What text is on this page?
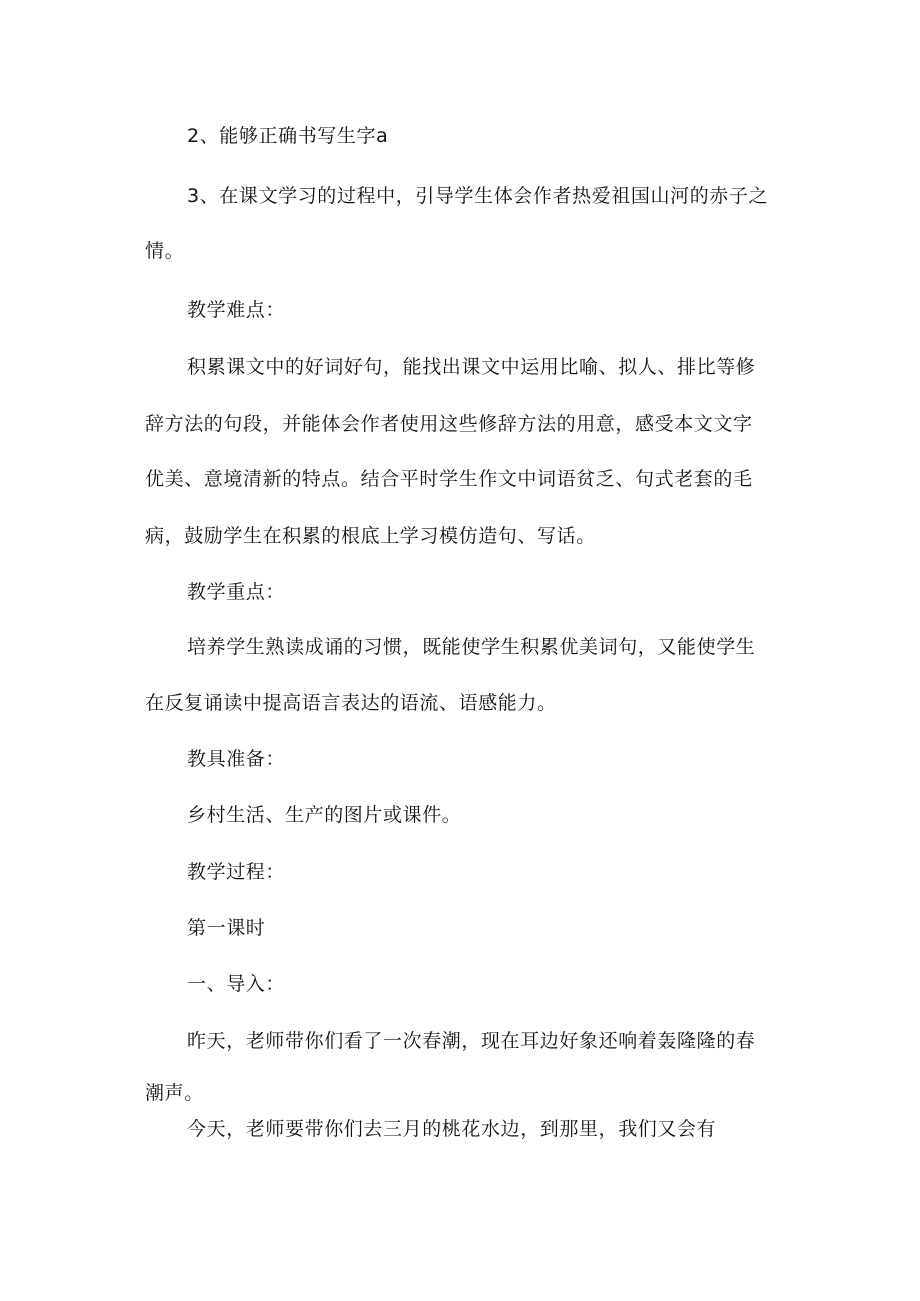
2、能够正确书写生字a
3、在课文学习的过程中，引导学生体会作者热爱祖国山河的赤子之
情。
教学难点：
积累课文中的好词好句，能找出课文中运用比喻、拟人、排比等修
辞方法的句段，并能体会作者使用这些修辞方法的用意，感受本文文字
优美、意境清新的特点。结合平时学生作文中词语贫乏、句式老套的毛
病，鼓励学生在积累的根底上学习模仿造句、写话。
教学重点：
培养学生熟读成诵的习惯，既能使学生积累优美词句，又能使学生
在反复诵读中提高语言表达的语流、语感能力。
教具准备：
乡村生活、生产的图片或课件。
教学过程：
第一课时
一、导入：
昨天，老师带你们看了一次春潮，现在耳边好象还响着轰隆隆的春
潮声。
今天，老师要带你们去三月的桃花水边，到那里，我们又会有
